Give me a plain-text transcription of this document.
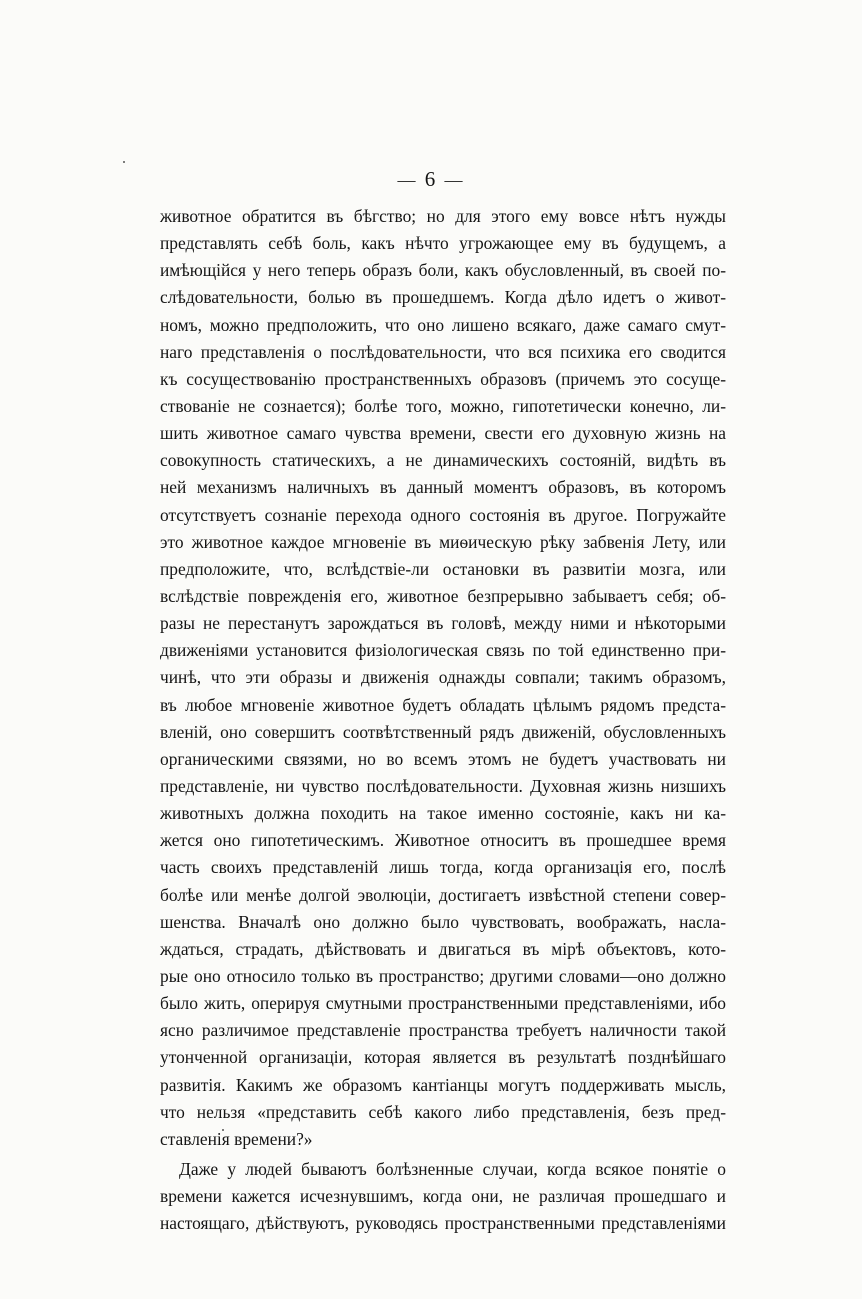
— 6 —
животное обратится въ бѣгство; но для этого ему вовсе нѣтъ нужды
представлять себѣ боль, какъ нѣчто угрожающее ему въ будущемъ, а
имѣющійся у него теперь образъ боли, какъ обусловленный, въ своей по-
слѣдовательности, болью въ прошедшемъ. Когда дѣло идетъ о живот-
номъ, можно предположить, что оно лишено всякаго, даже самаго смут-
наго представленія о послѣдовательности, что вся психика его сводится
къ сосуществованію пространственныхъ образовъ (причемъ это сосуще-
ствованіе не сознается); болѣе того, можно, гипотетически конечно, ли-
шить животное самаго чувства времени, свести его духовную жизнь на
совокупность статическихъ, а не динамическихъ состояній, видѣть въ
ней механизмъ наличныхъ въ данный моментъ образовъ, въ которомъ
отсутствуетъ сознаніе перехода одного состоянія въ другое. Погружайте
это животное каждое мгновеніе въ миѳическую рѣку забвенія Лету, или
предположите, что, вслѣдствіе-ли остановки въ развитіи мозга, или
вслѣдствіе поврежденія его, животное безпрерывно забываетъ себя; об-
разы не перестанутъ зарождаться въ головѣ, между ними и нѣкоторыми
движеніями установится физіологическая связь по той единственно при-
чинѣ, что эти образы и движенія однажды совпали; такимъ образомъ,
въ любое мгновеніе животное будетъ обладать цѣлымъ рядомъ предста-
вленій, оно совершитъ соотвѣтственный рядъ движеній, обусловленныхъ
органическими связями, но во всемъ этомъ не будетъ участвовать ни
представленіе, ни чувство послѣдовательности. Духовная жизнь низшихъ
животныхъ должна походить на такое именно состояніе, какъ ни ка-
жется оно гипотетическимъ. Животное относитъ въ прошедшее время
часть своихъ представленій лишь тогда, когда организація его, послѣ
болѣе или менѣе долгой эволюціи, достигаетъ извѣстной степени совер-
шенства. Вначалѣ оно должно было чувствовать, воображать, насла-
ждаться, страдать, дѣйствовать и двигаться въ мірѣ объектовъ, кото-
рые оно относило только въ пространство; другими словами—оно должно
было жить, оперируя смутными пространственными представленіями, ибо
ясно различимое представленіе пространства требуетъ наличности такой
утонченной организаціи, которая является въ результатѣ позднѣйшаго
развитія. Какимъ же образомъ кантіанцы могутъ поддерживать мысль,
что нельзя «представить себѣ какого либо представленія, безъ пред-
ставленія времени?»
Даже у людей бываютъ болѣзненные случаи, когда всякое понятіе о
времени кажется исчезнувшимъ, когда они, не различая прошедшаго и
настоящаго, дѣйствуютъ, руководясь пространственными представленіями
